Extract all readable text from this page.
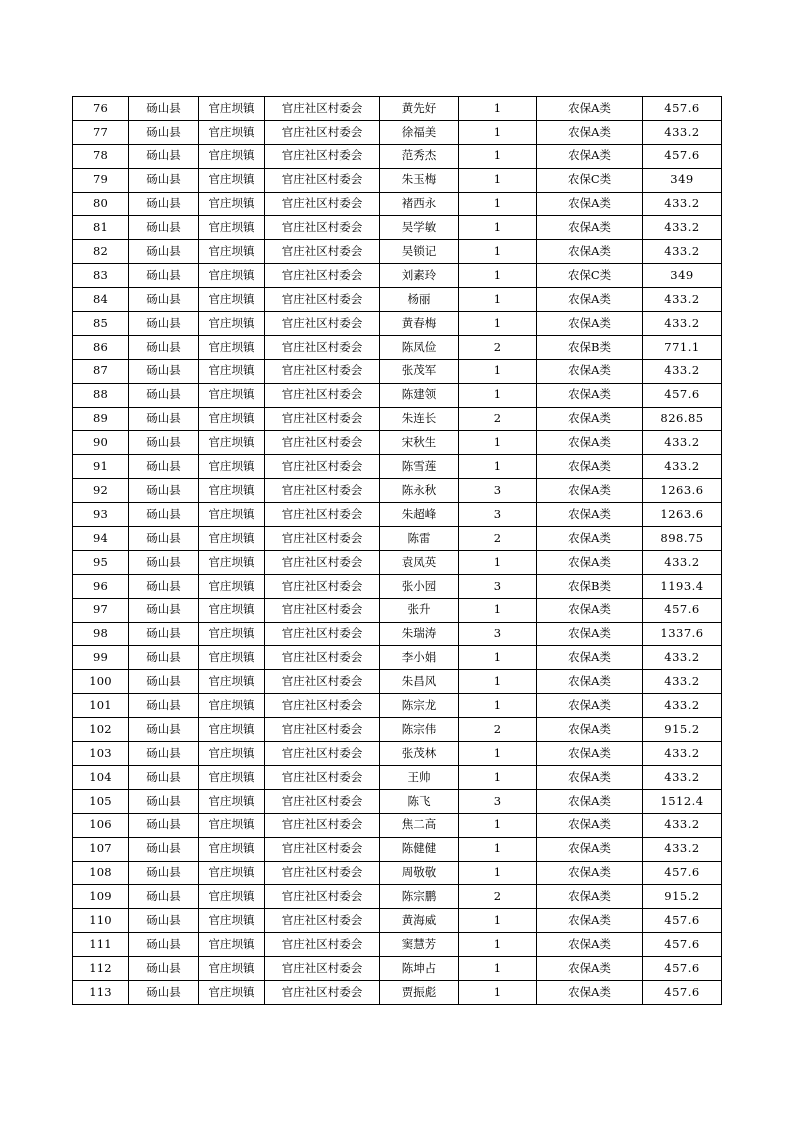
76	砀山县	官庄坝镇	官庄社区村委会	黄先好	1	农保A类	457.6
77	砀山县	官庄坝镇	官庄社区村委会	徐福美	1	农保A类	433.2
78	砀山县	官庄坝镇	官庄社区村委会	范秀杰	1	农保A类	457.6
79	砀山县	官庄坝镇	官庄社区村委会	朱玉梅	1	农保C类	349
80	砀山县	官庄坝镇	官庄社区村委会	褚西永	1	农保A类	433.2
81	砀山县	官庄坝镇	官庄社区村委会	吴学敏	1	农保A类	433.2
82	砀山县	官庄坝镇	官庄社区村委会	吴锁记	1	农保A类	433.2
83	砀山县	官庄坝镇	官庄社区村委会	刘素玲	1	农保C类	349
84	砀山县	官庄坝镇	官庄社区村委会	杨丽	1	农保A类	433.2
85	砀山县	官庄坝镇	官庄社区村委会	黄春梅	1	农保A类	433.2
86	砀山县	官庄坝镇	官庄社区村委会	陈凤俭	2	农保B类	771.1
87	砀山县	官庄坝镇	官庄社区村委会	张茂军	1	农保A类	433.2
88	砀山县	官庄坝镇	官庄社区村委会	陈建领	1	农保A类	457.6
89	砀山县	官庄坝镇	官庄社区村委会	朱连长	2	农保A类	826.85
90	砀山县	官庄坝镇	官庄社区村委会	宋秋生	1	农保A类	433.2
91	砀山县	官庄坝镇	官庄社区村委会	陈雪莲	1	农保A类	433.2
92	砀山县	官庄坝镇	官庄社区村委会	陈永秋	3	农保A类	1263.6
93	砀山县	官庄坝镇	官庄社区村委会	朱超峰	3	农保A类	1263.6
94	砀山县	官庄坝镇	官庄社区村委会	陈雷	2	农保A类	898.75
95	砀山县	官庄坝镇	官庄社区村委会	袁凤英	1	农保A类	433.2
96	砀山县	官庄坝镇	官庄社区村委会	张小园	3	农保B类	1193.4
97	砀山县	官庄坝镇	官庄社区村委会	张升	1	农保A类	457.6
98	砀山县	官庄坝镇	官庄社区村委会	朱瑞涛	3	农保A类	1337.6
99	砀山县	官庄坝镇	官庄社区村委会	李小娟	1	农保A类	433.2
100	砀山县	官庄坝镇	官庄社区村委会	朱昌风	1	农保A类	433.2
101	砀山县	官庄坝镇	官庄社区村委会	陈宗龙	1	农保A类	433.2
102	砀山县	官庄坝镇	官庄社区村委会	陈宗伟	2	农保A类	915.2
103	砀山县	官庄坝镇	官庄社区村委会	张茂林	1	农保A类	433.2
104	砀山县	官庄坝镇	官庄社区村委会	王帅	1	农保A类	433.2
105	砀山县	官庄坝镇	官庄社区村委会	陈飞	3	农保A类	1512.4
106	砀山县	官庄坝镇	官庄社区村委会	焦二高	1	农保A类	433.2
107	砀山县	官庄坝镇	官庄社区村委会	陈健健	1	农保A类	433.2
108	砀山县	官庄坝镇	官庄社区村委会	周敬敬	1	农保A类	457.6
109	砀山县	官庄坝镇	官庄社区村委会	陈宗鹏	2	农保A类	915.2
110	砀山县	官庄坝镇	官庄社区村委会	黄海威	1	农保A类	457.6
111	砀山县	官庄坝镇	官庄社区村委会	窦慧芳	1	农保A类	457.6
112	砀山县	官庄坝镇	官庄社区村委会	陈坤占	1	农保A类	457.6
113	砀山县	官庄坝镇	官庄社区村委会	贾振彪	1	农保A类	457.6
